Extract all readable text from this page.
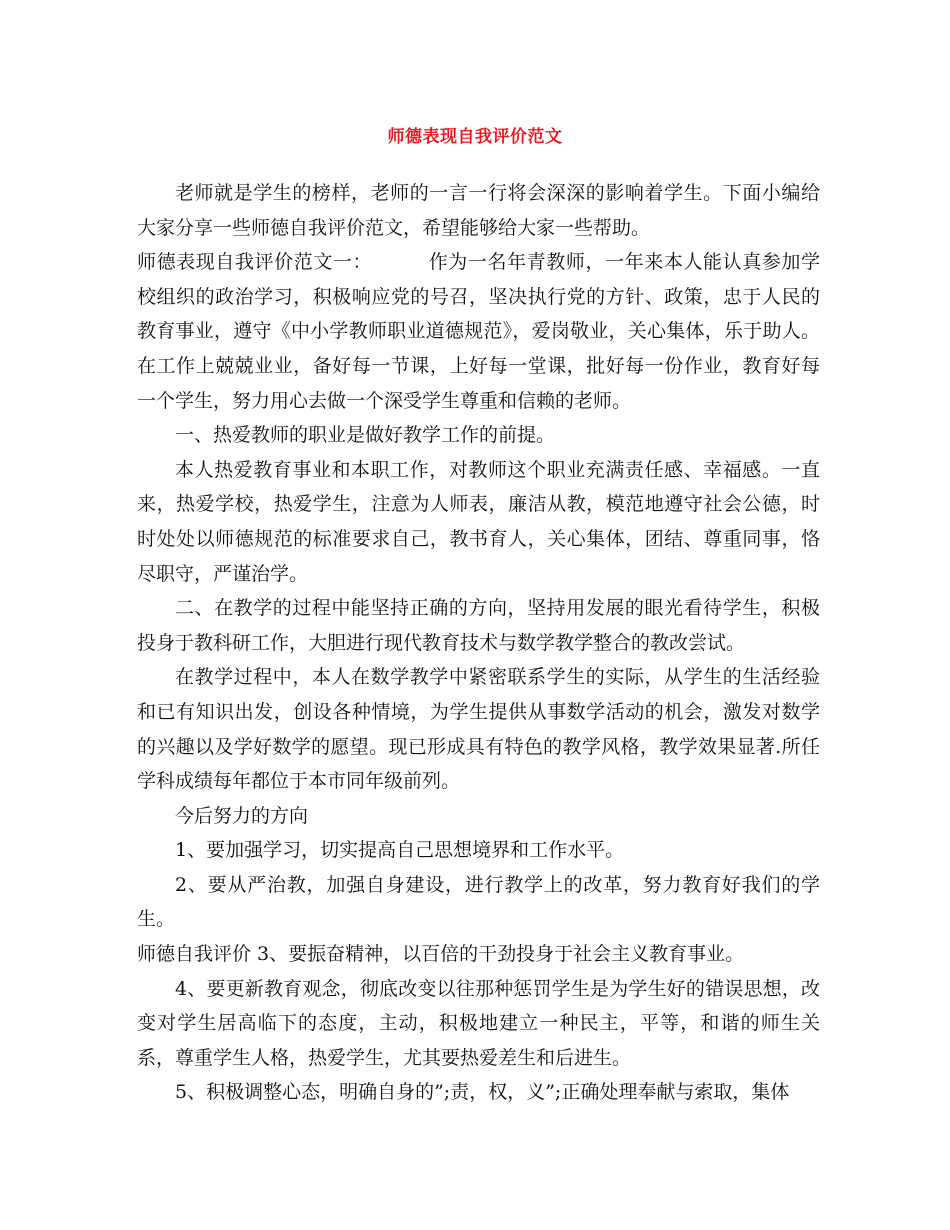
师德表现自我评价范文

老师就是学生的榜样，老师的一言一行将会深深的影响着学生。下面小编给大家分享一些师德自我评价范文，希望能够给大家一些帮助。

师德表现自我评价范文一：	作为一名年青教师，一年来本人能认真参加学校组织的政治学习，积极响应党的号召，坚决执行党的方针、政策，忠于人民的教育事业，遵守《中小学教师职业道德规范》，爱岗敬业，关心集体，乐于助人。在工作上兢兢业业，备好每一节课，上好每一堂课，批好每一份作业，教育好每一个学生，努力用心去做一个深受学生尊重和信赖的老师。

一、热爱教师的职业是做好教学工作的前提。

本人热爱教育事业和本职工作，对教师这个职业充满责任感、幸福感。一直来，热爱学校，热爱学生，注意为人师表，廉洁从教，模范地遵守社会公德，时时处处以师德规范的标准要求自己，教书育人，关心集体，团结、尊重同事，恪尽职守，严谨治学。

二、在教学的过程中能坚持正确的方向，坚持用发展的眼光看待学生，积极投身于教科研工作，大胆进行现代教育技术与数学教学整合的教改尝试。

在教学过程中，本人在数学教学中紧密联系学生的实际，从学生的生活经验和已有知识出发，创设各种情境，为学生提供从事数学活动的机会，激发对数学的兴趣以及学好数学的愿望。现已形成具有特色的教学风格，教学效果显著.所任学科成绩每年都位于本市同年级前列。

今后努力的方向

1、要加强学习，切实提高自己思想境界和工作水平。

2、要从严治教，加强自身建设，进行教学上的改革，努力教育好我们的学生。

师德自我评价 3、要振奋精神，以百倍的干劲投身于社会主义教育事业。

4、要更新教育观念，彻底改变以往那种惩罚学生是为学生好的错误思想，改变对学生居高临下的态度，主动，积极地建立一种民主，平等，和谐的师生关系，尊重学生人格，热爱学生，尤其要热爱差生和后进生。

5、积极调整心态，明确自身的”;责，权，义”;正确处理奉献与索取，集体
